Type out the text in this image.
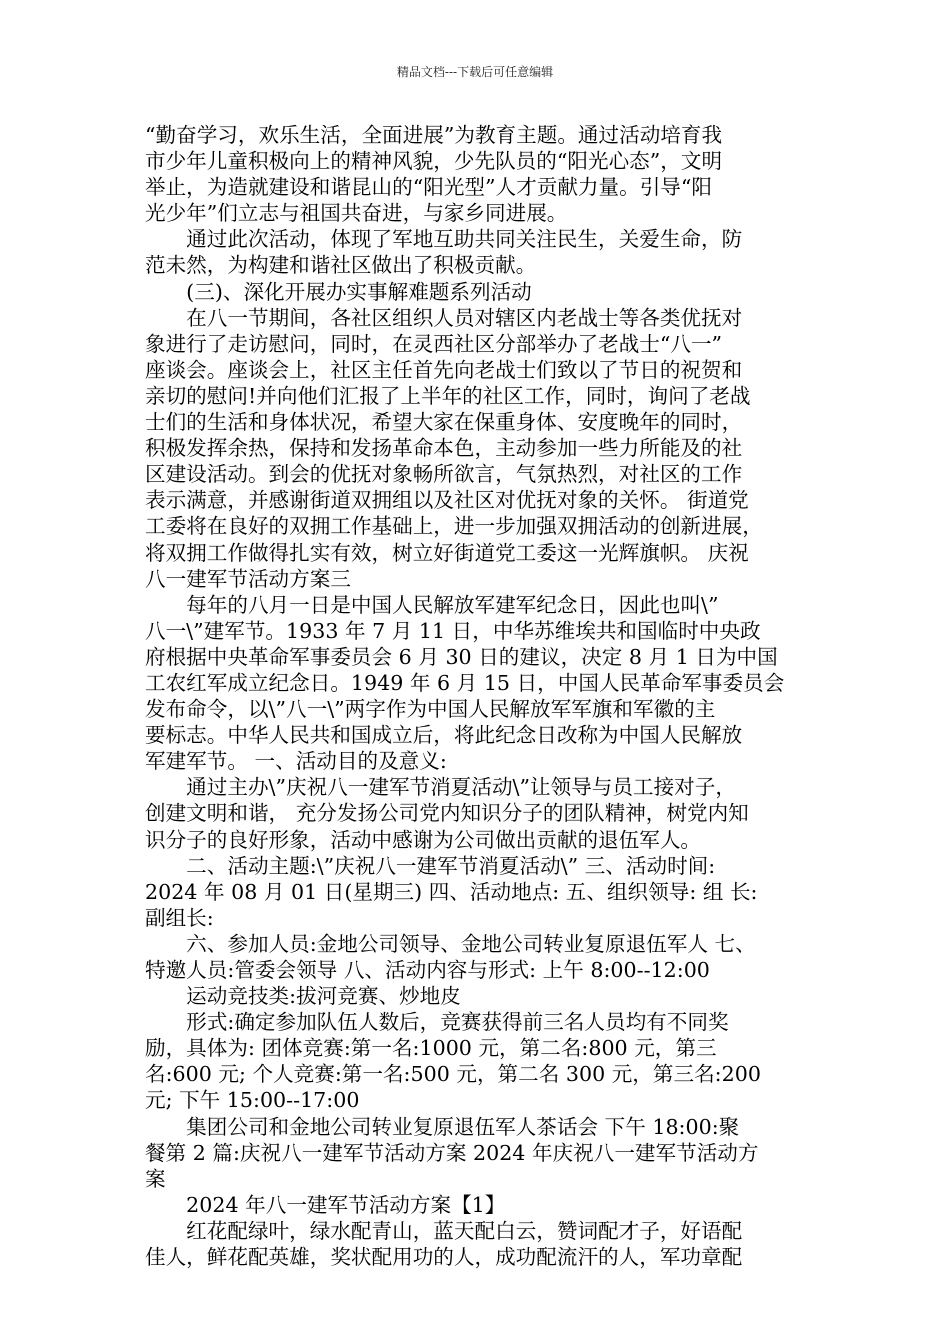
精品文档---下载后可任意编辑
“勤奋学习，欢乐生活，全面进展”为教育主题。通过活动培育我
市少年儿童积极向上的精神风貌，少先队员的“阳光心态”，文明
举止，为造就建设和谐昆山的“阳光型”人才贡献力量。引导“阳
光少年”们立志与祖国共奋进，与家乡同进展。
　　通过此次活动，体现了军地互助共同关注民生，关爱生命，防
范未然，为构建和谐社区做出了积极贡献。
　　(三)、深化开展办实事解难题系列活动
　　在八一节期间，各社区组织人员对辖区内老战士等各类优抚对
象进行了走访慰问，同时，在灵西社区分部举办了老战士“八一”
座谈会。座谈会上，社区主任首先向老战士们致以了节日的祝贺和
亲切的慰问!并向他们汇报了上半年的社区工作，同时，询问了老战
士们的生活和身体状况，希望大家在保重身体、安度晚年的同时，
积极发挥余热，保持和发扬革命本色，主动参加一些力所能及的社
区建设活动。到会的优抚对象畅所欲言，气氛热烈，对社区的工作
表示满意，并感谢街道双拥组以及社区对优抚对象的关怀。 街道党
工委将在良好的双拥工作基础上，进一步加强双拥活动的创新进展，
将双拥工作做得扎实有效，树立好街道党工委这一光辉旗帜。 庆祝
八一建军节活动方案三
　　每年的八月一日是中国人民解放军建军纪念日，因此也叫\”
八一\”建军节。1933 年 7 月 11 日，中华苏维埃共和国临时中央政
府根据中央革命军事委员会 6 月 30 日的建议，决定 8 月 1 日为中国
工农红军成立纪念日。1949 年 6 月 15 日，中国人民革命军事委员会
发布命令，以\”八一\”两字作为中国人民解放军军旗和军徽的主
要标志。中华人民共和国成立后，将此纪念日改称为中国人民解放
军建军节。 一、活动目的及意义:
　　通过主办\”庆祝八一建军节消夏活动\”让领导与员工接对子，
创建文明和谐， 充分发扬公司党内知识分子的团队精神，树党内知
识分子的良好形象，活动中感谢为公司做出贡献的退伍军人。
　　二、活动主题:\”庆祝八一建军节消夏活动\” 三、活动时间:
2024 年 08 月 01 日(星期三) 四、活动地点: 五、组织领导: 组 长:
副组长:
　　六、参加人员:金地公司领导、金地公司转业复原退伍军人 七、
特邀人员:管委会领导 八、活动内容与形式: 上午 8:00--12:00
　　运动竞技类:拔河竞赛、炒地皮
　　形式:确定参加队伍人数后，竞赛获得前三名人员均有不同奖
励，具体为: 团体竞赛:第一名:1000 元，第二名:800 元，第三
名:600 元; 个人竞赛:第一名:500 元，第二名 300 元，第三名:200
元; 下午 15:00--17:00
　　集团公司和金地公司转业复原退伍军人茶话会 下午 18:00:聚
餐第 2 篇:庆祝八一建军节活动方案 2024 年庆祝八一建军节活动方
案
　　2024 年八一建军节活动方案【1】
　　红花配绿叶，绿水配青山，蓝天配白云，赞词配才子，好语配
佳人，鲜花配英雄，奖状配用功的人，成功配流汗的人，军功章配
